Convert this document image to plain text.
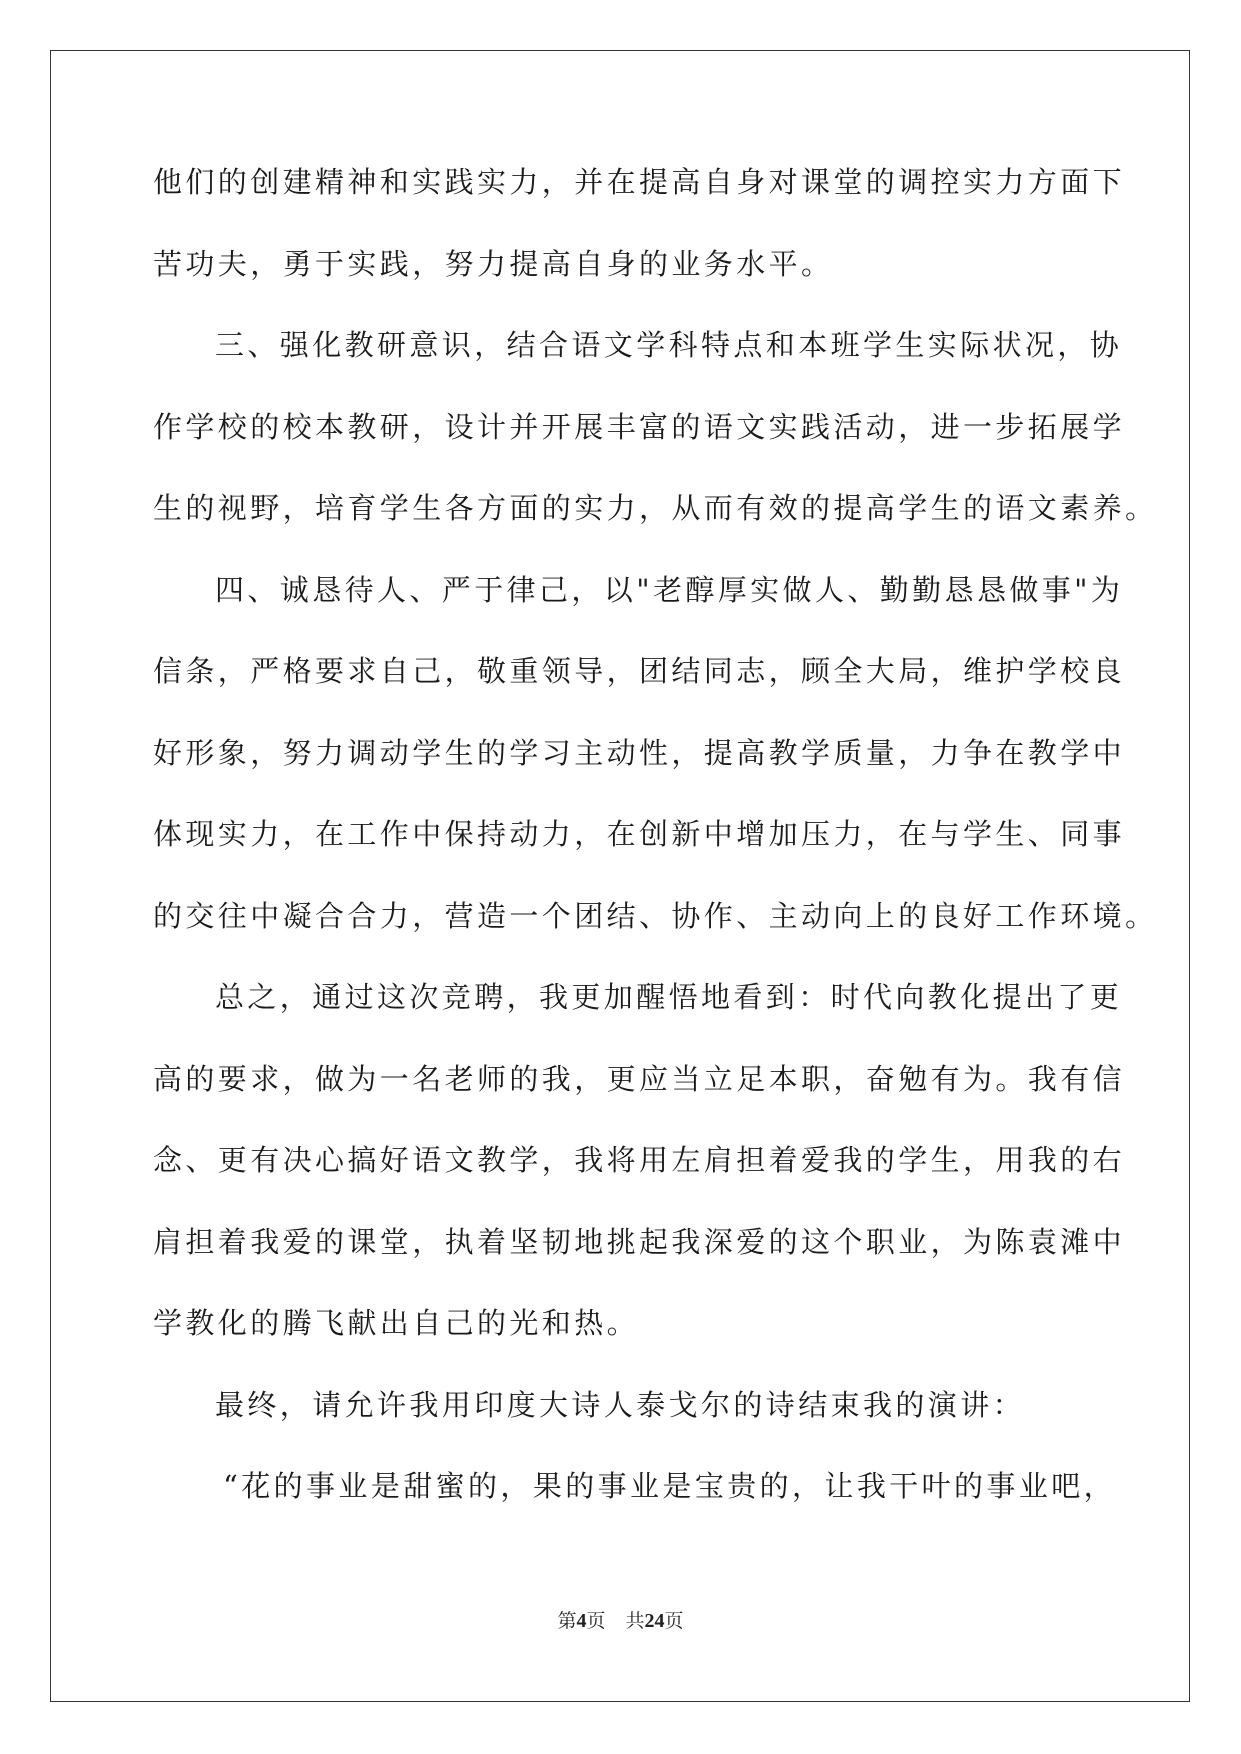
他们的创建精神和实践实力，并在提高自身对课堂的调控实力方面下
苦功夫，勇于实践，努力提高自身的业务水平。
三、强化教研意识，结合语文学科特点和本班学生实际状况，协
作学校的校本教研，设计并开展丰富的语文实践活动，进一步拓展学
生的视野，培育学生各方面的实力，从而有效的提高学生的语文素养。
四、诚恳待人、严于律己，以"老醇厚实做人、勤勤恳恳做事"为
信条，严格要求自己，敬重领导，团结同志，顾全大局，维护学校良
好形象，努力调动学生的学习主动性，提高教学质量，力争在教学中
体现实力，在工作中保持动力，在创新中增加压力，在与学生、同事
的交往中凝合合力，营造一个团结、协作、主动向上的良好工作环境。
总之，通过这次竞聘，我更加醒悟地看到：时代向教化提出了更
高的要求，做为一名老师的我，更应当立足本职，奋勉有为。我有信
念、更有决心搞好语文教学，我将用左肩担着爱我的学生，用我的右
肩担着我爱的课堂，执着坚韧地挑起我深爱的这个职业，为陈袁滩中
学教化的腾飞献出自己的光和热。
最终，请允许我用印度大诗人泰戈尔的诗结束我的演讲：
“花的事业是甜蜜的，果的事业是宝贵的，让我干叶的事业吧，
第4页 共24页
